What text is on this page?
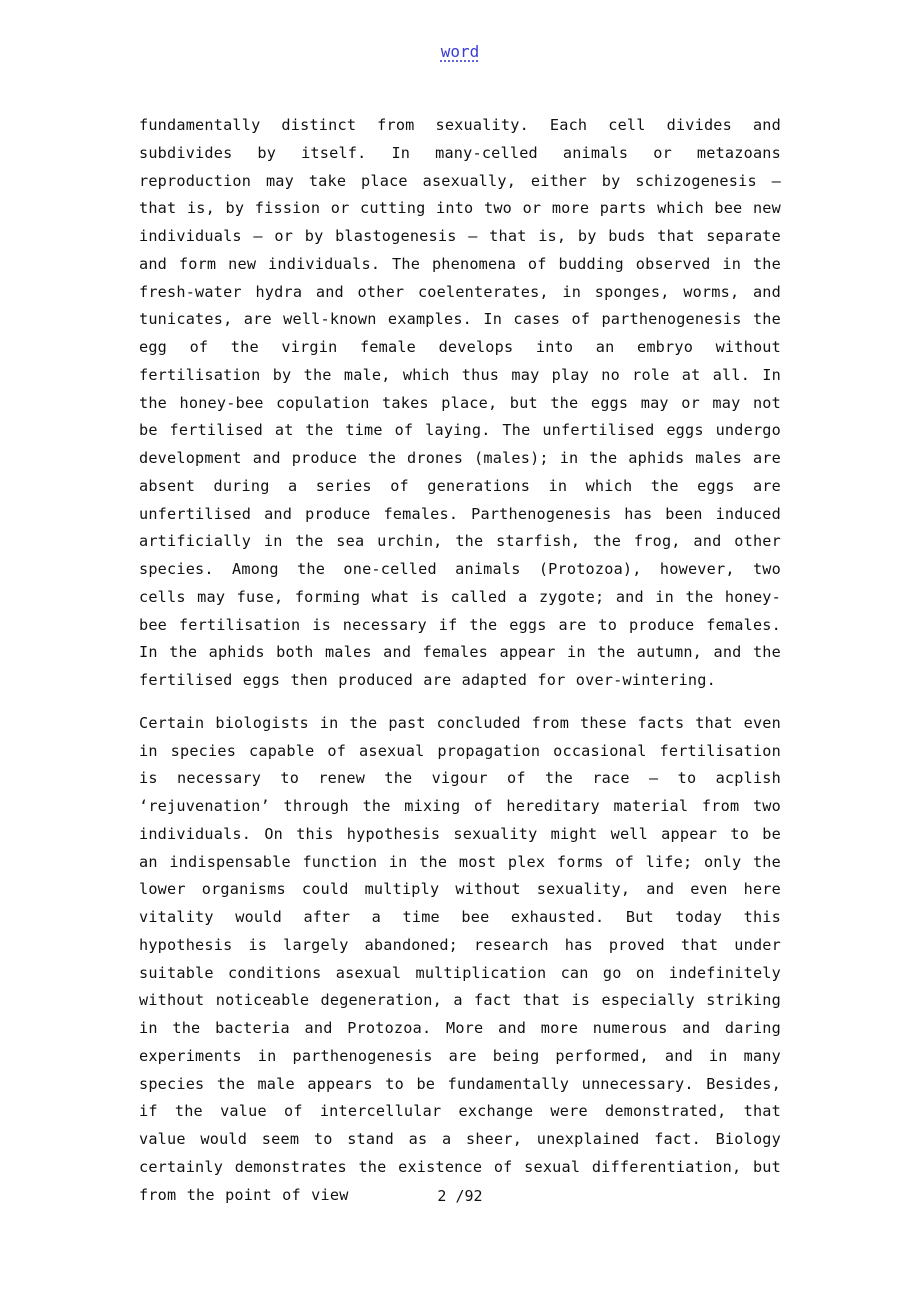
word

fundamentally distinct from sexuality. Each cell divides and subdivides by itself. In many-celled animals or metazoans reproduction may take place asexually, either by schizogenesis – that is, by fission or cutting into two or more parts which bee new individuals – or by blastogenesis – that is, by buds that separate and form new individuals. The phenomena of budding observed in the fresh-water hydra and other coelenterates, in sponges, worms, and tunicates, are well-known examples. In cases of parthenogenesis the egg of the virgin female develops into an embryo without fertilisation by the male, which thus may play no role at all. In the honey-bee copulation takes place, but the eggs may or may not be fertilised at the time of laying. The unfertilised eggs undergo development and produce the drones (males); in the aphids males are absent during a series of generations in which the eggs are unfertilised and produce females. Parthenogenesis has been induced artificially in the sea urchin, the starfish, the frog, and other species. Among the one-celled animals (Protozoa), however, two cells may fuse, forming what is called a zygote; and in the honey-bee fertilisation is necessary if the eggs are to produce females. In the aphids both males and females appear in the autumn, and the fertilised eggs then produced are adapted for over-wintering.

Certain biologists in the past concluded from these facts that even in species capable of asexual propagation occasional fertilisation is necessary to renew the vigour of the race – to acplish ‘rejuvenation’ through the mixing of hereditary material from two individuals. On this hypothesis sexuality might well appear to be an indispensable function in the most plex forms of life; only the lower organisms could multiply without sexuality, and even here vitality would after a time bee exhausted. But today this hypothesis is largely abandoned; research has proved that under suitable conditions asexual multiplication can go on indefinitely without noticeable degeneration, a fact that is especially striking in the bacteria and Protozoa. More and more numerous and daring experiments in parthenogenesis are being performed, and in many species the male appears to be fundamentally unnecessary. Besides, if the value of intercellular exchange were demonstrated, that value would seem to stand as a sheer, unexplained fact. Biology certainly demonstrates the existence of sexual differentiation, but from the point of view	2 /92
